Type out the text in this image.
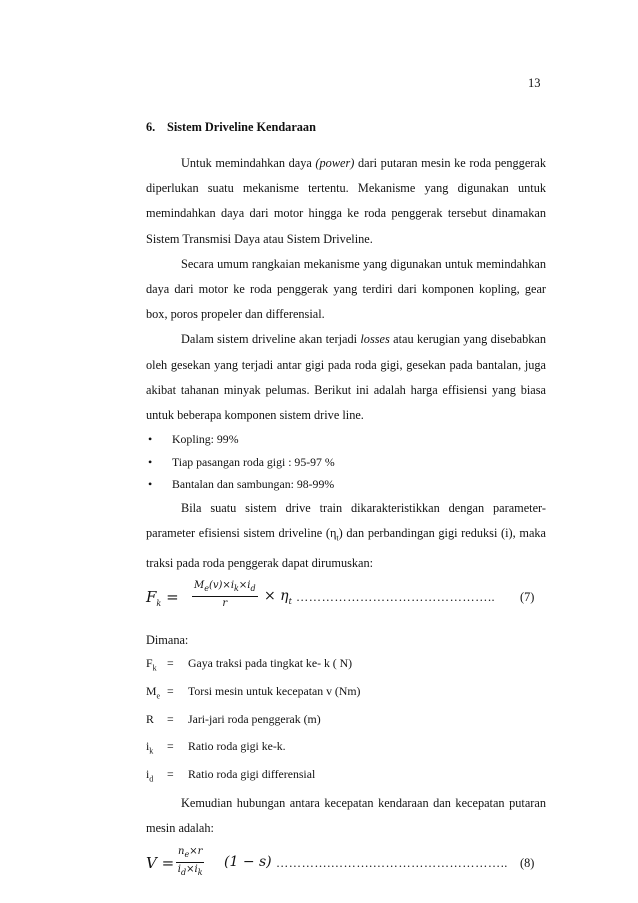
13
6. Sistem Driveline Kendaraan

Untuk memindahkan daya (power) dari putaran mesin ke roda penggerak diperlukan suatu mekanisme tertentu. Mekanisme yang digunakan untuk memindahkan daya dari motor hingga ke roda penggerak tersebut dinamakan Sistem Transmisi Daya atau Sistem Driveline.

Secara umum rangkaian mekanisme yang digunakan untuk memindahkan daya dari motor ke roda penggerak yang terdiri dari komponen kopling, gear box, poros propeler dan differensial.

Dalam sistem driveline akan terjadi losses atau kerugian yang disebabkan oleh gesekan yang terjadi antar gigi pada roda gigi, gesekan pada bantalan, juga akibat tahanan minyak pelumas. Berikut ini adalah harga effisiensi yang biasa untuk beberapa komponen sistem drive line.

• Kopling: 99%
• Tiap pasangan roda gigi : 95-97 %
• Bantalan dan sambungan: 98-99%

Bila suatu sistem drive train dikarakteristikkan dengan parameter-parameter efisiensi sistem driveline $(\eta_t)$ dan perbandingan gigi reduksi (i), maka traksi pada roda penggerak dapat dirumuskan:

$F_k = \frac{M_e(v)\times i_k\times i_d}{r} \times \eta_t$ ………………………………………..	(7)
Dimana:
$F_k$ =	Gaya traksi pada tingkat ke- k ( N)
$M_e$ =	Torsi mesin untuk kecepatan v (Nm)
R	=	Jari-jari roda penggerak (m)
$i_k$	=	Ratio roda gigi ke-k.
$i_d$	=	Ratio roda gigi differensial

Kemudian hubungan antara kecepatan kendaraan dan kecepatan putaran mesin adalah:

$V = \frac{n_e\times r}{i_d\times i_k} (1 - s)$ ………….……….………………………….. (8)
